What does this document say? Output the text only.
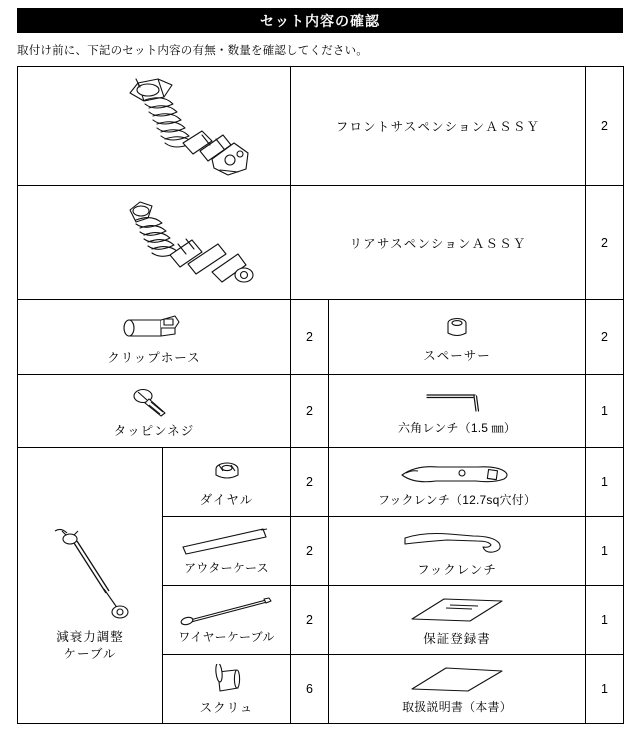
セット内容の確認
取付け前に、下記のセット内容の有無・数量を確認してください。
	フロントサスペンションＡＳＳＹ		2

	リアサスペンションＡＳＳＹ		2

クリップホース		2	スペーサー	2

タッピンネジ		2	六角レンチ（1.5 ㎜）	1

減衰力調整
ケーブル	ダイヤル	2	フックレンチ（12.7sq穴付）	1

	アウターケース	2	フックレンチ	1

	ワイヤーケーブル	2	保証登録書	1

	スクリュ	6	取扱説明書（本書）	1
